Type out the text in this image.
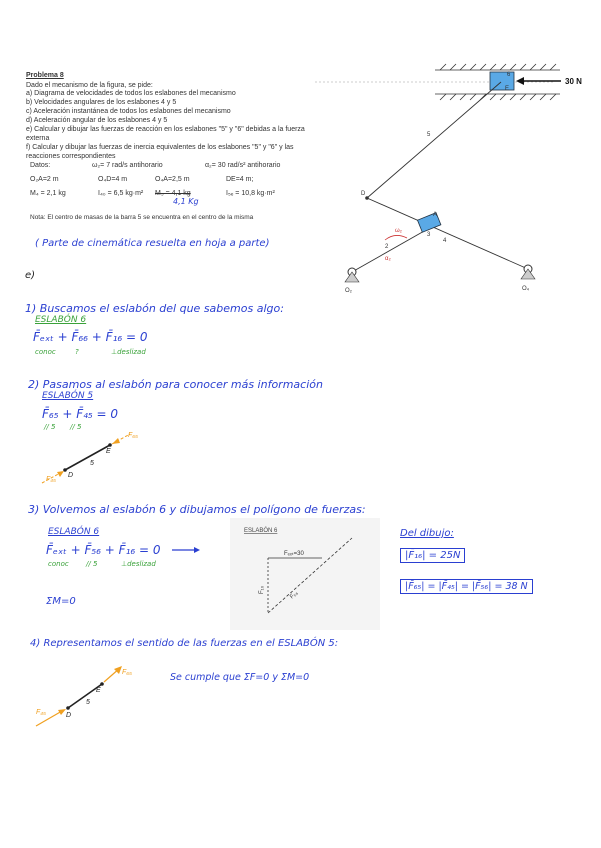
Problema 8
Dado el mecanismo de la figura, se pide:
a) Diagrama de velocidades de todos los eslabones del mecanismo
b) Velocidades angulares de los eslabones 4 y 5
c) Aceleración instantánea de todos los eslabones del mecanismo
d) Aceleración angular de los eslabones 4 y 5
e) Calcular y dibujar las fuerzas de reacción en los eslabones "5" y "6" debidas a la fuerza
externa
f) Calcular y dibujar las fuerzas de inercia equivalentes de los eslabones "5" y "6" y las
reacciones correspondientes
Datos:	ω₂= 7 rad/s antihorario	α₂= 30 rad/s² antihorario
O₂A=2 m	O₄D=4 m	O₄A=2,5 m	DE=4 m;
M₄ = 2,1 kg	I₄₀ = 6,5 kg·m² M₅ = 4,1 kg	I₅ₑ = 10,8 kg·m²
4,1 Kg
Nota: El centro de masas de la barra 5 se encuentra en el centro de la misma
30 N
6
5
E
D
4
A
3
2
O₂	O₄
ω₂
α₂
( Parte de cinemática resuelta en hoja a parte)
e)
1) Buscamos el eslabón del que sabemos algo:
ESLABÓN 6
F̄ₑₓₜ + F̄₆₆ + F̄₁₆ = 0
conoc	?	⊥deslizad
2) Pasamos al eslabón para conocer más información
ESLABÓN 5
F̄₆₅ + F̄₄₅ = 0
// 5 // 5
F₆₅
F₄₅
E
5
D
3) Volvemos al eslabón 6 y dibujamos el polígono de fuerzas:
ESLABÓN 6
F̄ₑₓₜ + F̄₅₆ + F̄₁₆ = 0
conoc // 5	⊥deslizad
ΣM=0
ESLABÓN 6
Fₑₓₜ=30
F₁₆
F₅₆
Del dibujo:
|F̄₁₆| = 25N
|F̄₆₅| = |F̄₄₅| = |F̄₅₆| = 38 N
4) Representamos el sentido de las fuerzas en el ESLABÓN 5:
Se cumple que ΣF=0 y ΣM=0
F₆₅
F₄₅
E
5
D
